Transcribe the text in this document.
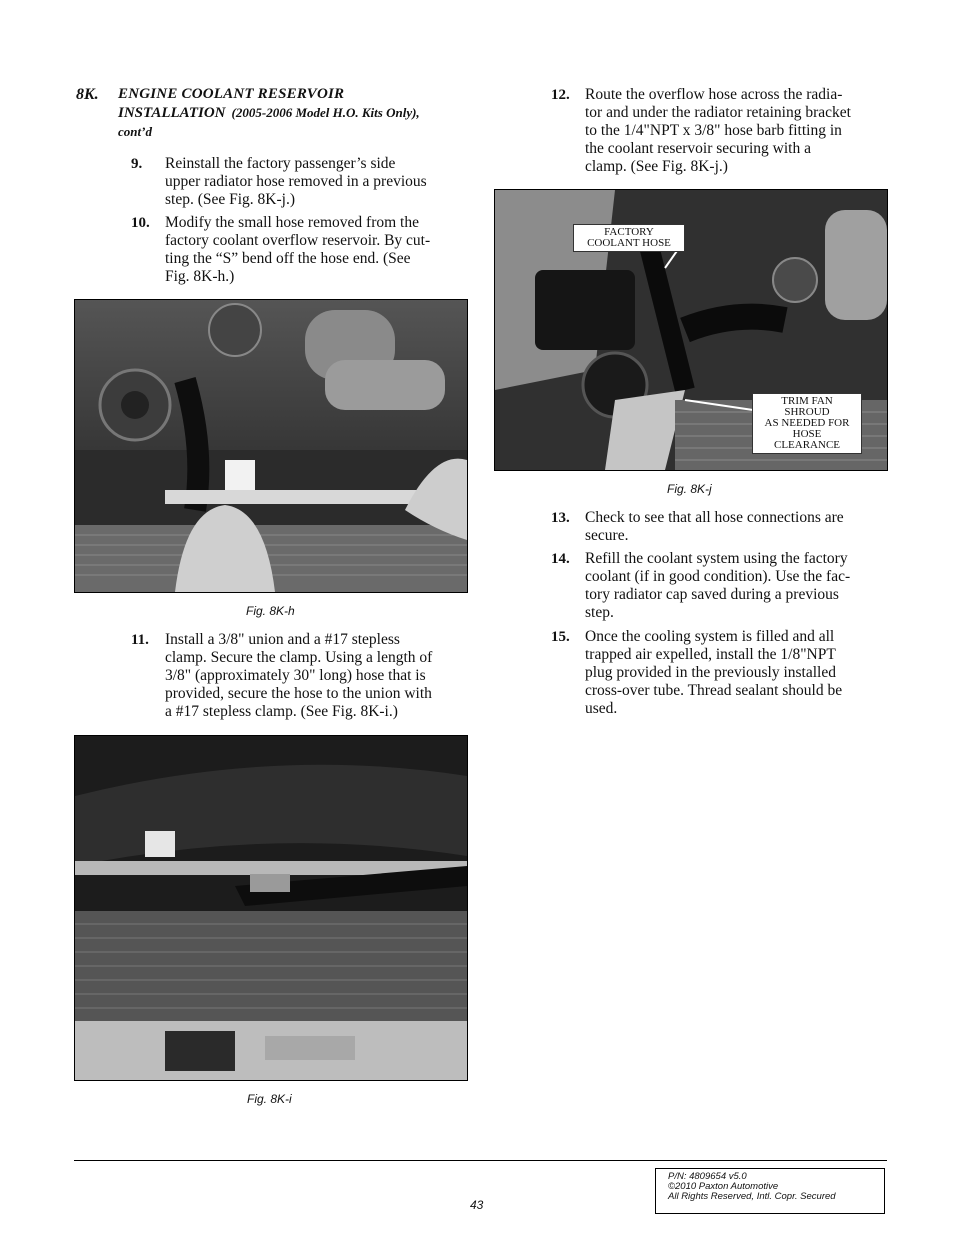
8K. ENGINE COOLANT RESERVOIR
INSTALLATION (2005-2006 Model H.O. Kits Only),
cont’d
9. Reinstall the factory passenger’s side
upper radiator hose removed in a previous
step. (See Fig. 8K-j.)
10. Modify the small hose removed from the
factory coolant overflow reservoir. By cut-
ting the “S” bend off the hose end. (See
Fig. 8K-h.)
Fig. 8K-h
11. Install a 3/8" union and a #17 stepless
clamp. Secure the clamp. Using a length of
3/8" (approximately 30" long) hose that is
provided, secure the hose to the union with
a #17 stepless clamp. (See Fig. 8K-i.)
Fig. 8K-i
12. Route the overflow hose across the radia-
tor and under the radiator retaining bracket
to the 1/4"NPT x 3/8" hose barb fitting in
the coolant reservoir securing with a
clamp. (See Fig. 8K-j.)
FACTORY
COOLANT HOSE
TRIM FAN
SHROUD
AS NEEDED FOR
HOSE
CLEARANCE
Fig. 8K-j
13. Check to see that all hose connections are
secure.
14. Refill the coolant system using the factory
coolant (if in good condition). Use the fac-
tory radiator cap saved during a previous
step.
15. Once the cooling system is filled and all
trapped air expelled, install the 1/8"NPT
plug provided in the previously installed
cross-over tube. Thread sealant should be
used.
43
P/N: 4809654 v5.0
©2010 Paxton Automotive
All Rights Reserved, Intl. Copr. Secured
